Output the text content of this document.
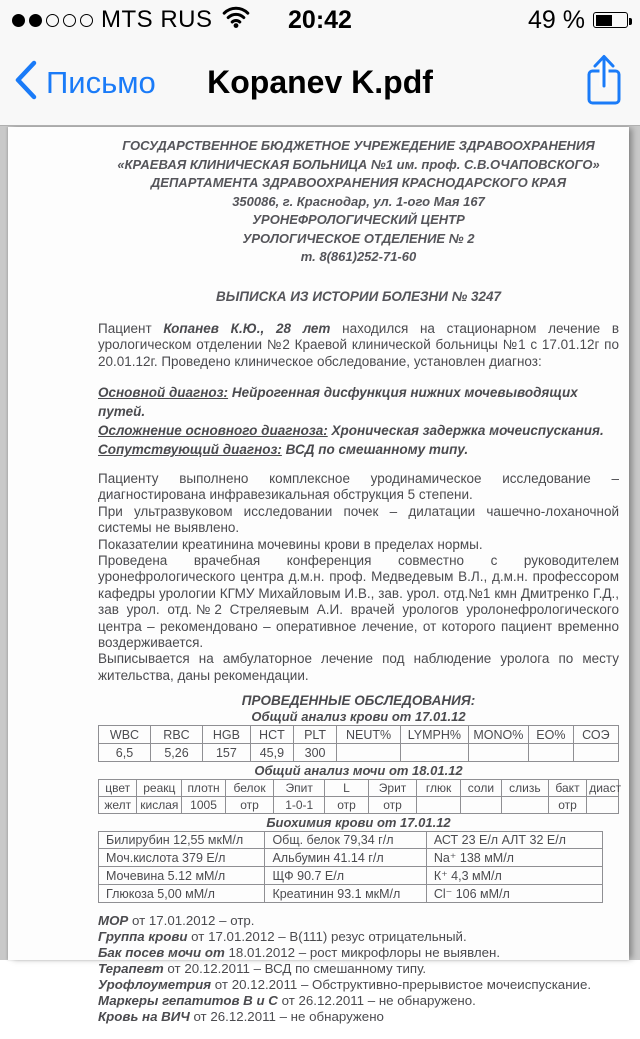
MTS RUS	20:42	49 %
Письмо	Kopanev K.pdf
ГОСУДАРСТВЕННОЕ БЮДЖЕТНОЕ УЧРЕЖЕДЕНИЕ ЗДРАВООХРАНЕНИЯ
«КРАЕВАЯ КЛИНИЧЕСКАЯ БОЛЬНИЦА №1 им. проф. С.В.ОЧАПОВСКОГО»
ДЕПАРТАМЕНТА ЗДРАВООХРАНЕНИЯ КРАСНОДАРСКОГО КРАЯ
350086, г. Краснодар, ул. 1-ого Мая 167
УРОНЕФРОЛОГИЧЕСКИЙ ЦЕНТР
УРОЛОГИЧЕСКОЕ ОТДЕЛЕНИЕ № 2
т. 8(861)252-71-60
ВЫПИСКА ИЗ ИСТОРИИ БОЛЕЗНИ № 3247

Пациент Копанев К.Ю., 28 лет находился на стационарном лечение в урологическом отделении №2 Краевой клинической больницы №1 с 17.01.12г по 20.01.12г. Проведено клиническое обследование, установлен диагноз:

Основной диагноз: Нейрогенная дисфункция нижних мочевыводящих путей.
Осложнение основного диагноза: Хроническая задержка мочеиспускания.
Сопутствующий диагноз: ВСД по смешанному типу.

Пациенту выполнено комплексное уродинамическое исследование – диагностирована инфравезикальная обструкция 5 степени.

При ультразвуковом исследовании почек – дилатации чашечно-лоханочной системы не выявлено.

Показателии креатинина мочевины крови в пределах нормы.

Проведена врачебная конференция совместно с руководителем уронефрологического центра д.м.н. проф. Медведевым В.Л., д.м.н. профессором кафедры урологии КГМУ Михайловым И.В., зав. урол. отд.№1 кмн Дмитренко Г.Д., зав урол. отд.№2 Стреляевым А.И. врачей урологов уролонефрологического центра – рекомендовано – оперативное лечение, от которого пациент временно воздерживается.

Выписывается на амбулаторное лечение под наблюдение уролога по месту жительства, даны рекомендации.

ПРОВЕДЕННЫЕ ОБСЛЕДОВАНИЯ:
Общий анализ крови от 17.01.12
WBC	RBC	HGB	HCT	PLT	NEUT%	LYMPH%	MONO%	EO%	СОЭ
6,5	5,26	157	45,9	300					
Общий анализ мочи от 18.01.12
цвет	реакц	плотн	белок	Эпит	L	Эрит	глюк	соли	слизь	бакт	диаст
желт	кислая	1005	отр	1-0-1	отр	отр				отр	
Биохимия крови от 17.01.12
Билирубин 12,55 мкМ/л	Общ. белок 79,34 г/л	АСТ 23 Е/л АЛТ 32 Е/л
Моч.кислота 379 Е/л	Альбумин 41.14 г/л	Na⁺ 138 мМ/л
Мочевина 5.12 мМ/л	ЩФ 90.7 Е/л	К⁺ 4,3 мМ/л
Глюкоза 5,00 мМ/л	Креатинин 93.1 мкМ/л	Сl⁻ 106 мМ/л
МОР от 17.01.2012 – отр.
Группа крови от 17.01.2012 – В(111) резус отрицательный.
Бак посев мочи от 18.01.2012 – рост микрофлоры не выявлен.
Терапевт от 20.12.2011 – ВСД по смешанному типу.
Урофлоуметрия от 20.12.2011 – Обструктивно-прерывистое мочеиспускание.
Маркеры гепатитов В и С от 26.12.2011 – не обнаружено.
Кровь на ВИЧ от 26.12.2011 – не обнаружено
